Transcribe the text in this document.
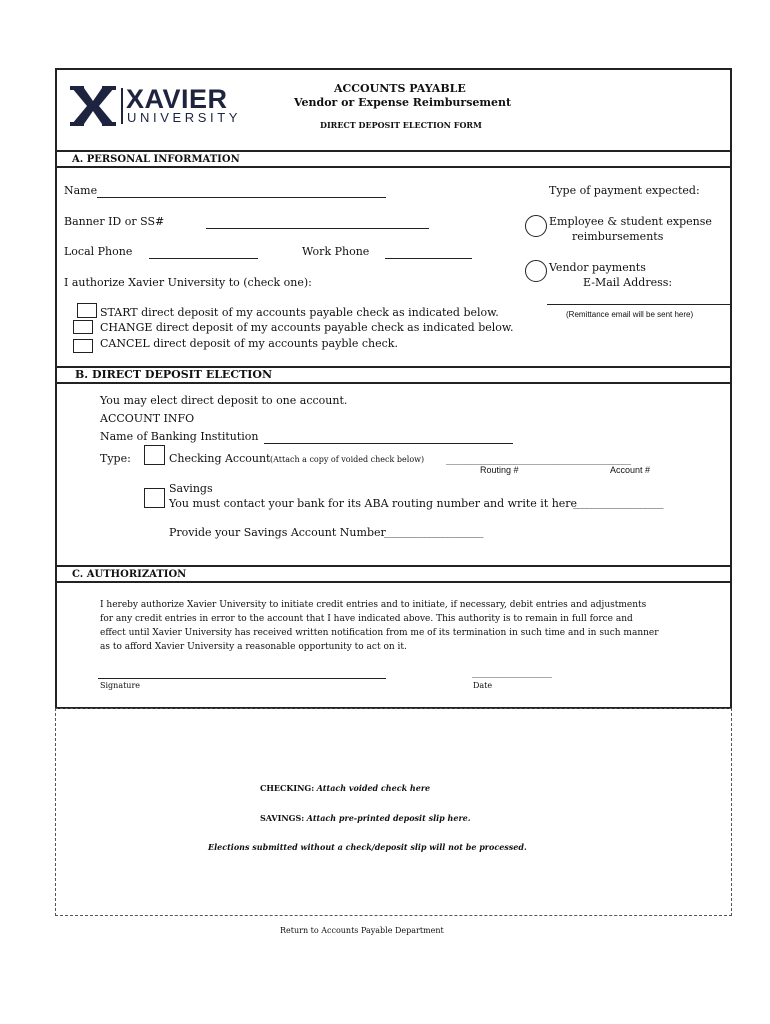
XAVIER
UNIVERSITY
ACCOUNTS PAYABLE
Vendor or Expense Reimbursement
DIRECT DEPOSIT ELECTION FORM
A. PERSONAL INFORMATION
Name
Banner ID or SS#
Local Phone	Work Phone
I authorize Xavier University to (check one):
START direct deposit of my accounts payable check as indicated below.
CHANGE direct deposit of my accounts payable check as indicated below.
CANCEL direct deposit of my accounts payble check.
Type of payment expected:
Employee & student expense
reimbursements
Vendor payments
E-Mail Address:
(Remittance email will be sent here)
B. DIRECT DEPOSIT ELECTION
You may elect direct deposit to one account.
ACCOUNT INFO
Name of Banking Institution
Type:	Checking Account (Attach a copy of voided check below) ___________________________________________
Routing #	Account #
Savings
You must contact your bank for its ABA routing number and write it here
____________________
Provide your Savings Account Number
______________________
C. AUTHORIZATION
I hereby authorize Xavier University to initiate credit entries and to initiate, if necessary, debit entries and adjustments
for any credit entries in error to the account that I have indicated above. This authority is to remain in full force and
effect until Xavier University has received written notification from me of its termination in such time and in such manner
as to afford Xavier University a reasonable opportunity to act on it.
Signature
___________________
Date
CHECKING: Attach voided check here
SAVINGS: Attach pre-printed deposit slip here.
Elections submitted without a check/deposit slip will not be processed.
Return to Accounts Payable Department
